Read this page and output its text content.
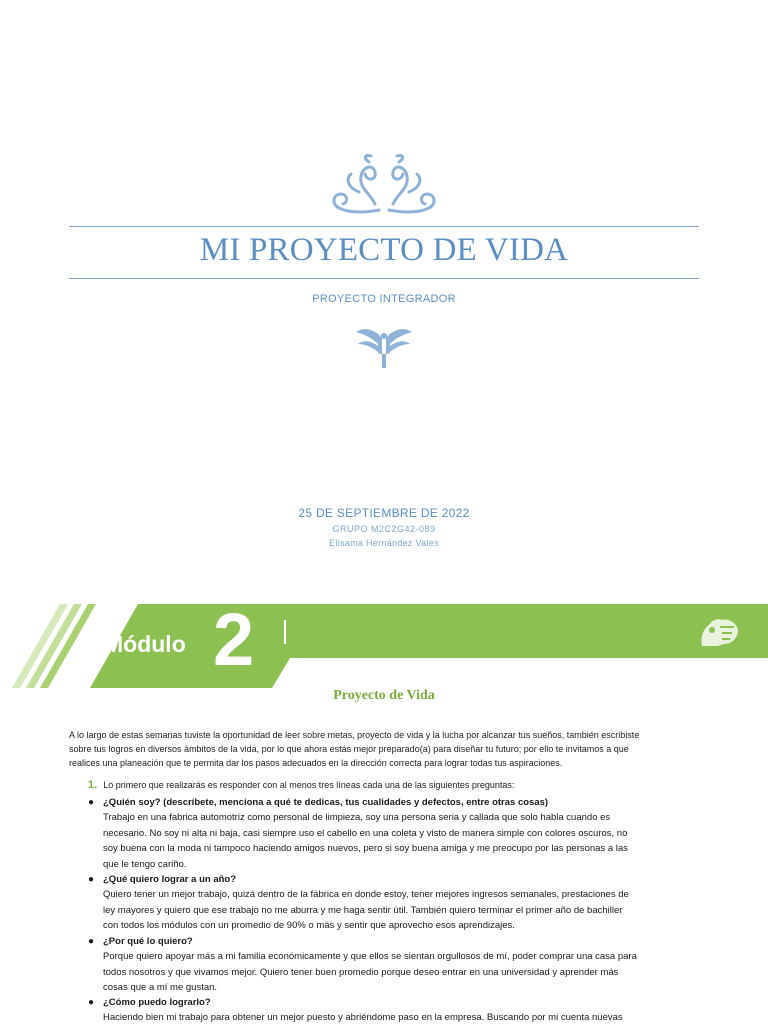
MI PROYECTO DE VIDA
PROYECTO INTEGRADOR
25 DE SEPTIEMBRE DE 2022
GRUPO M2C2G42-089
Elisama Hernández Vales
Módulo 2
Proyecto de Vida
A lo largo de estas semanas tuviste la oportunidad de leer sobre metas, proyecto de vida y la lucha por alcanzar tus sueños, también escribiste
sobre tus logros en diversos ámbitos de la vida, por lo que ahora estás mejor preparado(a) para diseñar tu futuro; por ello te invitamos a que
realices una planeación que te permita dar los pasos adecuados en la dirección correcta para lograr todas tus aspiraciones.
1. Lo primero que realizarás es responder con al menos tres líneas cada una de las siguientes preguntas:
● ¿Quién soy? (descríbete, menciona a qué te dedicas, tus cualidades y defectos, entre otras cosas)
Trabajo en una fabrica automotriz como personal de limpieza, soy una persona seria y callada que solo habla cuando es
necesario. No soy ni alta ni baja, casi siempre uso el cabello en una coleta y visto de manera simple con colores oscuros, no
soy buena con la moda ni tampoco haciendo amigos nuevos, pero si soy buena amiga y me preocupo por las personas a las
que le tengo cariño.
● ¿Qué quiero lograr a un año?
Quiero tener un mejor trabajo, quizá dentro de la fábrica en donde estoy, tener mejores ingresos semanales, prestaciones de
ley mayores y quiero que ese trabajo no me aburra y me haga sentir útil. También quiero terminar el primer año de bachiller
con todos los módulos con un promedio de 90% o más y sentir que aprovecho esos aprendizajes.
● ¿Por qué lo quiero?
Porque quiero apoyar más a mi familia económicamente y que ellos se sientan orgullosos de mí, poder comprar una casa para
todos nosotros y que vivamos mejor. Quiero tener buen promedio porque deseo entrar en una universidad y aprender más
cosas que a mí me gustan.
● ¿Cómo puedo lograrlo?
Haciendo bien mi trabajo para obtener un mejor puesto y abriéndome paso en la empresa. Buscando por mi cuenta nuevas
